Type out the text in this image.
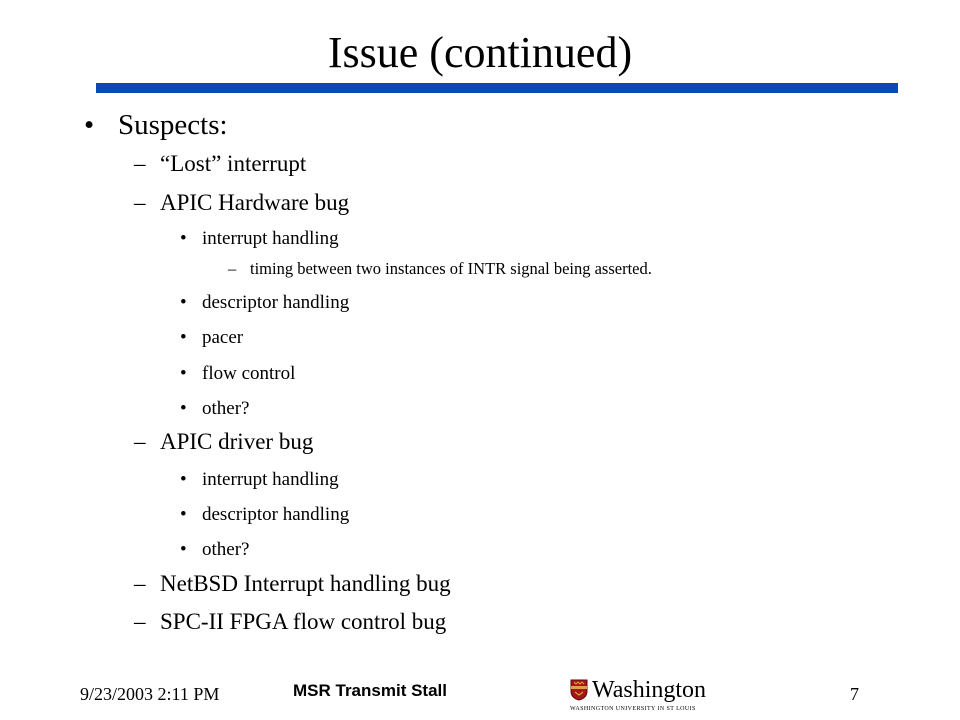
Issue (continued)
• Suspects:
– “Lost” interrupt
– APIC Hardware bug
• interrupt handling
– timing between two instances of INTR signal being asserted.
• descriptor handling
• pacer
• flow control
• other?
– APIC driver bug
• interrupt handling
• descriptor handling
• other?
– NetBSD Interrupt handling bug
– SPC-II FPGA flow control bug
9/23/2003 2:11 PM	MSR Transmit Stall	Washington
WASHINGTON UNIVERSITY IN ST LOUIS
7
